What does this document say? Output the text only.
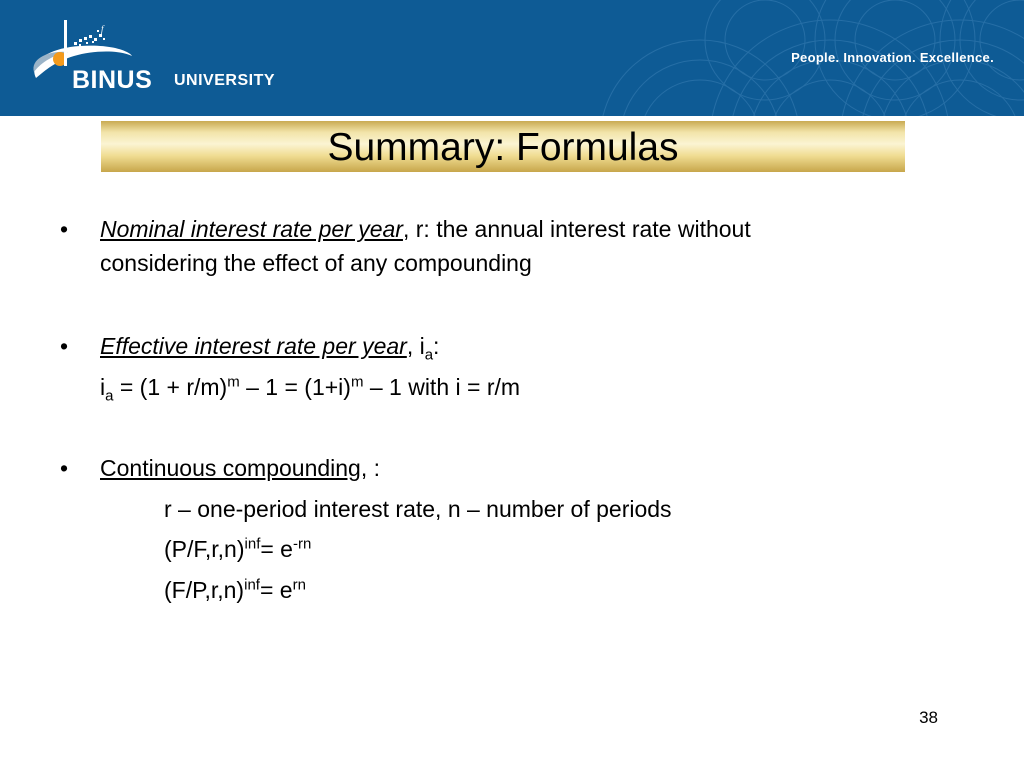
f
BINUS UNIVERSITY
People. Innovation. Excellence.
Summary: Formulas
• Nominal interest rate per year, r: the annual interest rate without
considering the effect of any compounding
• Effective interest rate per year, $i_a$:
$i_a = (1 + r/m)^m - 1 = (1+i)^m - 1$ with i = r/m
• Continuous compounding, :
r – one-period interest rate, n – number of periods
$(P/F,r,n)^{inf}= e^{-rn}$
$(F/P,r,n)^{inf}= e^{rn}$
38
